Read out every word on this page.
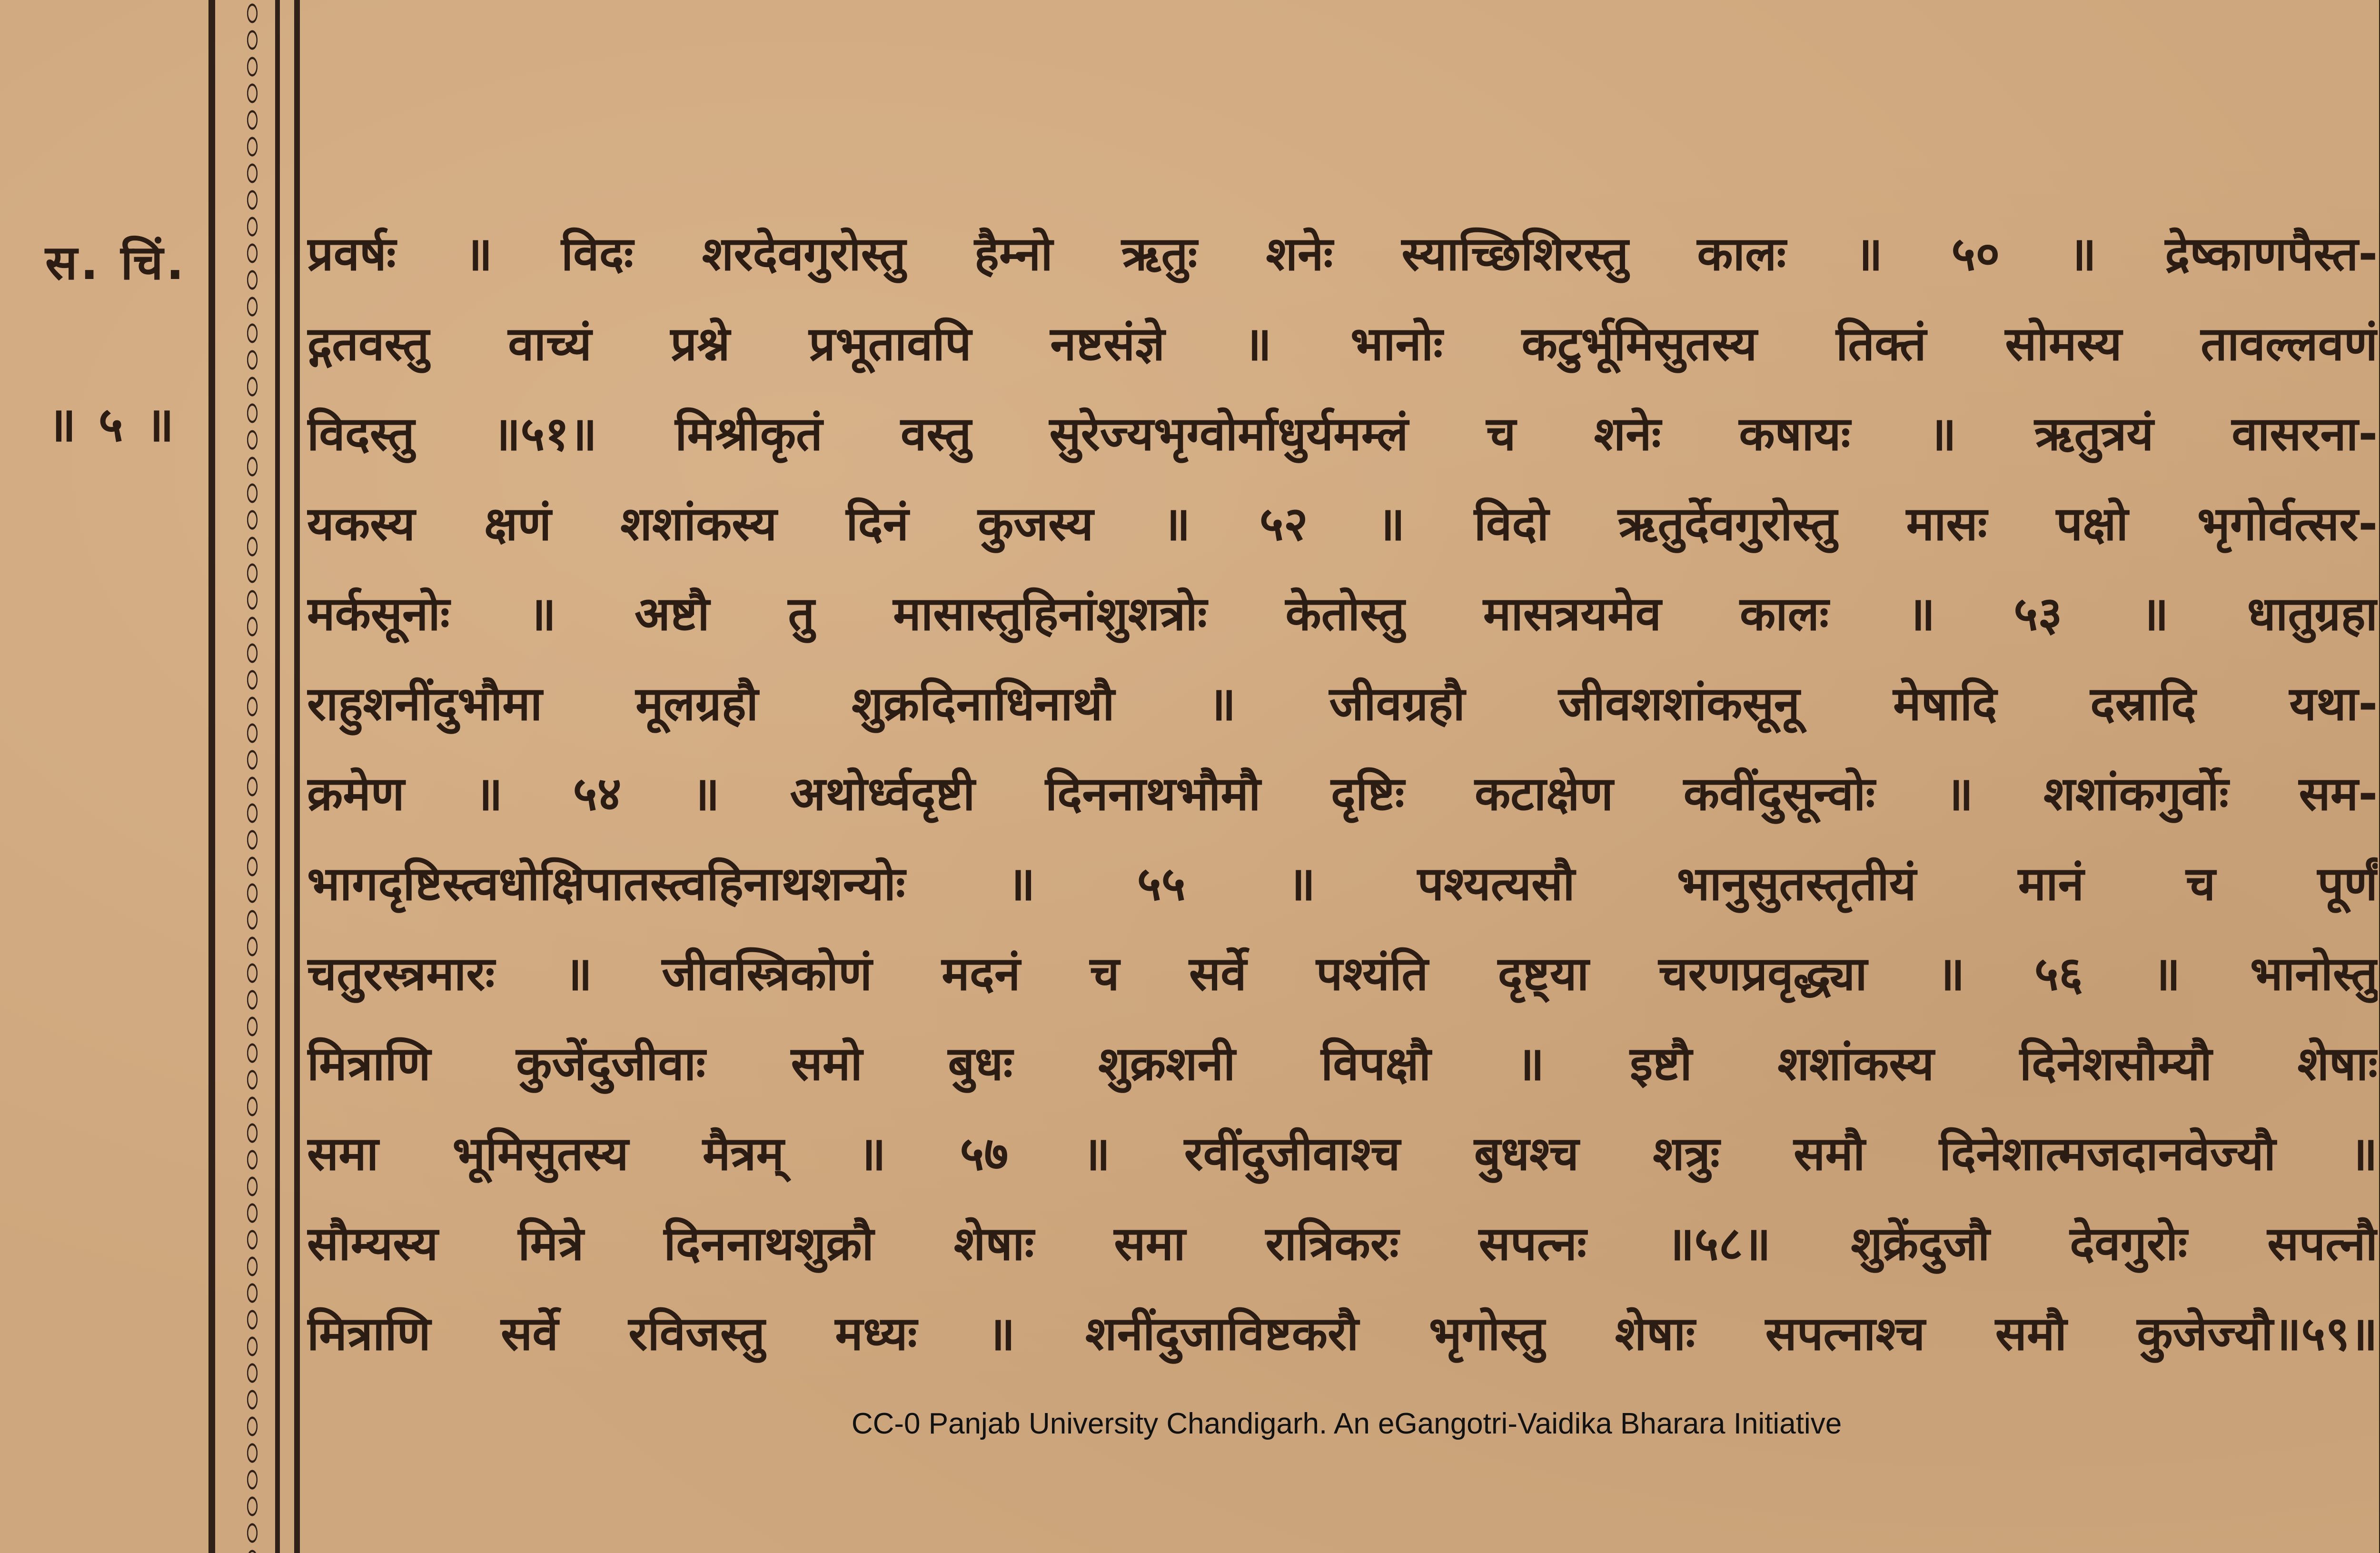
स. चिं.
॥ ५ ॥
प्रवर्षः ॥ विदः शरदेवगुरोस्तु हैम्नो ऋतुः शनेः स्याच्छिशिरस्तु कालः ॥ ५० ॥ द्रेष्काणपैस्त-
द्गतवस्तु वाच्यं प्रश्ने प्रभूतावपि नष्टसंज्ञे ॥ भानोः कटुर्भूमिसुतस्य तिक्तं सोमस्य तावल्लवणं
विदस्तु ॥५१॥ मिश्रीकृतं वस्तु सुरेज्यभृग्वोर्माधुर्यमम्लं च शनेः कषायः ॥ ऋतुत्रयं वासरना-
यकस्य क्षणं शशांकस्य दिनं कुजस्य ॥ ५२ ॥ विदो ऋतुर्देवगुरोस्तु मासः पक्षो भृगोर्वत्सर-
मर्कसूनोः ॥ अष्टौ तु मासास्तुहिनांशुशत्रोः केतोस्तु मासत्रयमेव कालः ॥ ५३ ॥ धातुग्रहा
राहुशनींदुभौमा मूलग्रहौ शुक्रदिनाधिनाथौ ॥ जीवग्रहौ जीवशशांकसूनू मेषादि दस्रादि यथा-
क्रमेण ॥ ५४ ॥ अथोर्ध्वदृष्टी दिननाथभौमौ दृष्टिः कटाक्षेण कवींदुसून्वोः ॥ शशांकगुर्वोः सम-
भागदृष्टिस्त्वधोक्षिपातस्त्वहिनाथशन्योः ॥ ५५ ॥ पश्यत्यसौ भानुसुतस्तृतीयं मानं च पूर्णं
चतुरस्त्रमारः ॥ जीवस्त्रिकोणं मदनं च सर्वे पश्यंति दृष्ट्या चरणप्रवृद्ध्या ॥ ५६ ॥ भानोस्तु
मित्राणि कुजेंदुजीवाः समो बुधः शुक्रशनी विपक्षौ ॥ इष्टौ शशांकस्य दिनेशसौम्यौ शेषाः
समा भूमिसुतस्य मैत्रम् ॥ ५७ ॥ रवींदुजीवाश्च बुधश्च शत्रुः समौ दिनेशात्मजदानवेज्यौ ॥
सौम्यस्य मित्रे दिननाथशुक्रौ शेषाः समा रात्रिकरः सपत्नः ॥५८॥ शुक्रेंदुजौ देवगुरोः सपत्नौ
मित्राणि सर्वे रविजस्तु मध्यः ॥ शनींदुजाविष्टकरौ भृगोस्तु शेषाः सपत्नाश्च समौ कुजेज्यौ॥५९॥
CC-0 Panjab University Chandigarh. An eGangotri-Vaidika Bharara Initiative
